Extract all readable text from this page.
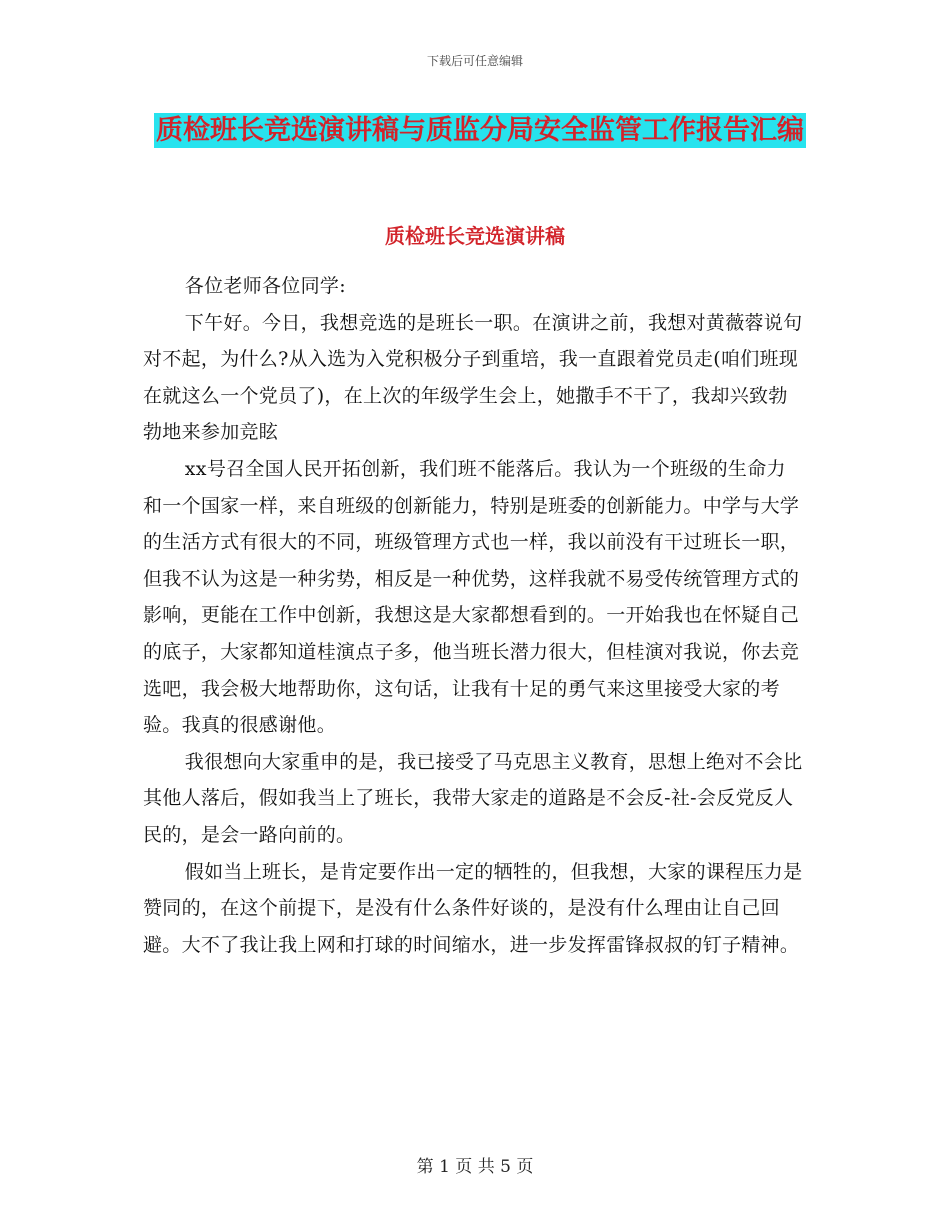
下载后可任意编辑
质检班长竞选演讲稿与质监分局安全监管工作报告汇编
质检班长竞选演讲稿

各位老师各位同学:

下午好。今日，我想竞选的是班长一职。在演讲之前，我想对黄薇蓉说句对不起，为什么?从入选为入党积极分子到重培，我一直跟着党员走(咱们班现在就这么一个党员了)，在上次的年级学生会上，她撒手不干了，我却兴致勃勃地来参加竞眩

xx号召全国人民开拓创新，我们班不能落后。我认为一个班级的生命力和一个国家一样，来自班级的创新能力，特别是班委的创新能力。中学与大学的生活方式有很大的不同，班级管理方式也一样，我以前没有干过班长一职，但我不认为这是一种劣势，相反是一种优势，这样我就不易受传统管理方式的影响，更能在工作中创新，我想这是大家都想看到的。一开始我也在怀疑自己的底子，大家都知道桂演点子多，他当班长潜力很大，但桂演对我说，你去竞选吧，我会极大地帮助你，这句话，让我有十足的勇气来这里接受大家的考验。我真的很感谢他。

我很想向大家重申的是，我已接受了马克思主义教育，思想上绝对不会比其他人落后，假如我当上了班长，我带大家走的道路是不会反-社-会反党反人民的，是会一路向前的。

假如当上班长，是肯定要作出一定的牺牲的，但我想，大家的课程压力是赞同的，在这个前提下，是没有什么条件好谈的，是没有什么理由让自己回避。大不了我让我上网和打球的时间缩水，进一步发挥雷锋叔叔的钉子精神。

第 1 页 共 5 页
